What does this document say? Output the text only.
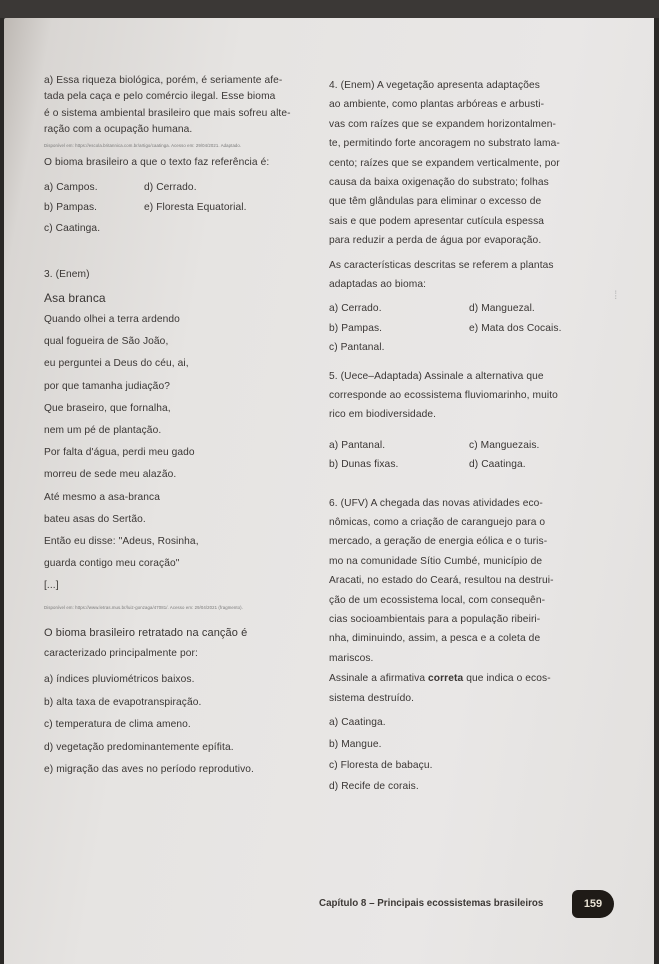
a) Essa riqueza biológica, porém, é seriamente afe-

tada pela caça e pelo comércio ilegal. Esse bioma

é o sistema ambiental brasileiro que mais sofreu alte-

ração com a ocupação humana.

Disponível em: https://escola.britannica.com.br/artigo/caatinga. Acesso em: 29/04/2021. Adaptado.

O bioma brasileiro a que o texto faz referência é:

a) Campos.	d) Cerrado.
b) Pampas.	e) Floresta Equatorial.
c) Caatinga.

3. (Enem)

Asa branca

Quando olhei a terra ardendo

qual fogueira de São João,

eu perguntei a Deus do céu, ai,

por que tamanha judiação?

Que braseiro, que fornalha,

nem um pé de plantação.

Por falta d'água, perdi meu gado

morreu de sede meu alazão.

Até mesmo a asa-branca

bateu asas do Sertão.

Então eu disse: "Adeus, Rosinha,

guarda contigo meu coração"

[...]

Disponível em: https://www.letras.mus.br/luiz-gonzaga/47081/. Acesso em: 29/04/2021 (fragmento).

O bioma brasileiro retratado na canção é

caracterizado principalmente por:

a) índices pluviométricos baixos.

b) alta taxa de evapotranspiração.

c) temperatura de clima ameno.

d) vegetação predominantemente epífita.

e) migração das aves no período reprodutivo.

4. (Enem) A vegetação apresenta adaptações

ao ambiente, como plantas arbóreas e arbusti-

vas com raízes que se expandem horizontalmen-

te, permitindo forte ancoragem no substrato lama-

cento; raízes que se expandem verticalmente, por

causa da baixa oxigenação do substrato; folhas

que têm glândulas para eliminar o excesso de

sais e que podem apresentar cutícula espessa

para reduzir a perda de água por evaporação.

As características descritas se referem a plantas

adaptadas ao bioma:

a) Cerrado.	d) Manguezal.
b) Pampas.	e) Mata dos Cocais.
c) Pantanal.

5. (Uece–Adaptada) Assinale a alternativa que

corresponde ao ecossistema fluviomarinho, muito

rico em biodiversidade.

a) Pantanal.	c) Manguezais.
b) Dunas fixas.	d) Caatinga.

6. (UFV) A chegada das novas atividades eco-

nômicas, como a criação de caranguejo para o

mercado, a geração de energia eólica e o turis-

mo na comunidade Sítio Cumbé, município de

Aracati, no estado do Ceará, resultou na destrui-

ção de um ecossistema local, com consequên-

cias socioambientais para a população ribeiri-

nha, diminuindo, assim, a pesca e a coleta de

mariscos.

Assinale a afirmativa correta que indica o ecos-

sistema destruído.

a) Caatinga.

b) Mangue.

c) Floresta de babaçu.

d) Recife de corais.

⁞
Capítulo 8 – Principais ecossistemas brasileiros	159
